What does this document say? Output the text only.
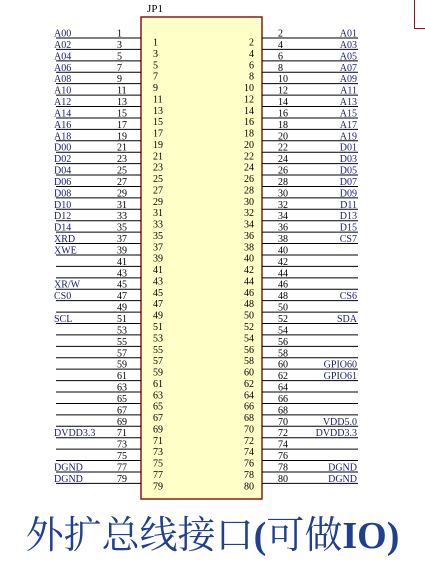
JP1
1
1
A00
3
3
A02
5
5
A04
7
7
A06
9
9
A08
11
11
A10
13
13
A12
15
15
A14
17
17
A16
19
19
A18
21
21
D00
23
23
D02
25
25
D04
27
27
D06
29
29
D08
31
31
D10
33
33
D12
35
35
D14
37
37
XRD
39
39
XWE
41
41
43
43
45
45
XR/W
47
47
CS0
49
49
51
51
SCL
53
53
55
55
57
57
59
59
61
61
63
63
65
65
67
67
69
69
71
71
DVDD3.3
73
73
75
75
77
77
DGND
79
79
DGND
2
2
A01
4
4
A03
6
6
A05
8
8
A07
10
10
A09
12
12
A11
14
14
A13
16
16
A15
18
18
A17
20
20
A19
22
22
D01
24
24
D03
26
26
D05
28
28
D07
30
30
D09
32
32
D11
34
34
D13
36
36
D15
38
38
CS7
40
40 42
42 44
44 46
46 48
48
CS6
50
50 52
52
SDA
54
54 56
56 58
58 60
60
GPIO60
62
62
GPIO61
64
64 66
66 68
68 70
70
VDD5.0
72
72
DVDD3.3
74
74 76
76 78
78
DGND
80
80
DGND
外扩总线接口(可做IO)
